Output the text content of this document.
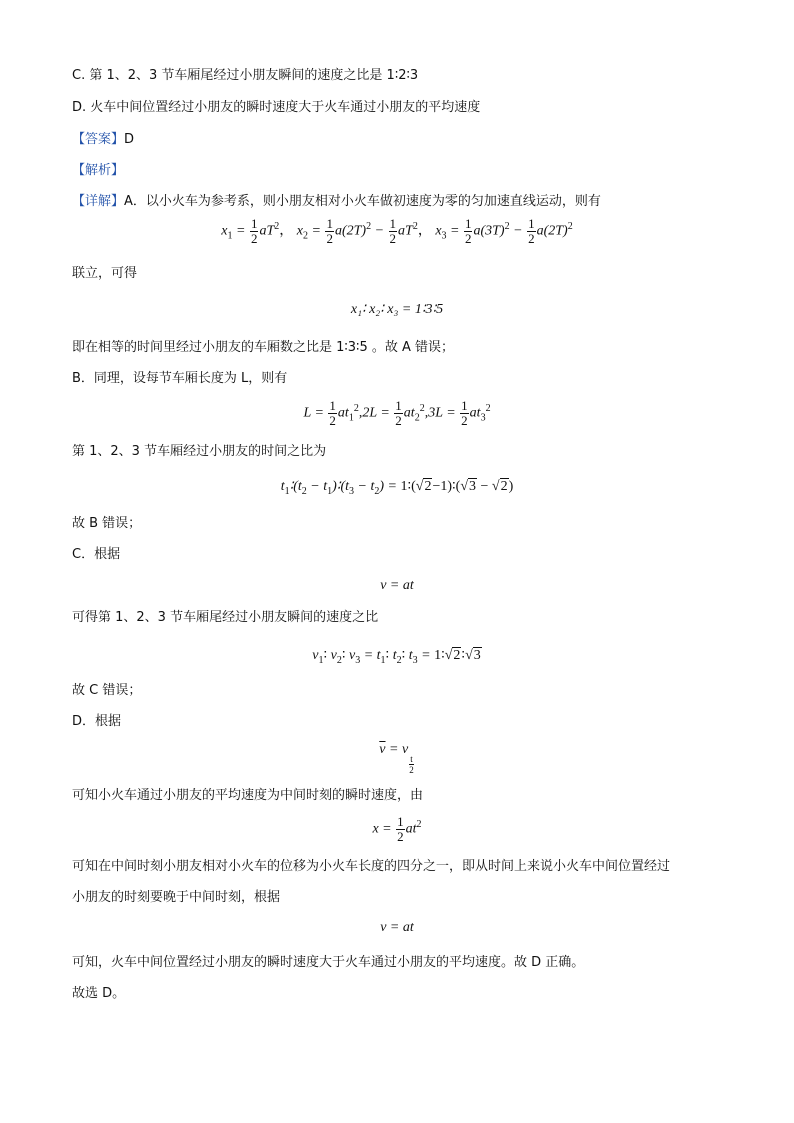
C. 第 1、2、3 节车厢尾经过小朋友瞬间的速度之比是 1∶2∶3
D. 火车中间位置经过小朋友的瞬时速度大于火车通过小朋友的平均速度
【答案】D
【解析】
【详解】A．以小火车为参考系，则小朋友相对小火车做初速度为零的匀加速直线运动，则有
$x_1 = \frac{1}{2} aT^2$， $x_2 = \frac{1}{2} a(2T)^2 - \frac{1}{2} aT^2$， $x_3 = \frac{1}{2} a(3T)^2 - \frac{1}{2} a(2T)^2$
联立，可得
x₁∶ x₂∶ x₃ = 1∶3∶5
即在相等的时间里经过小朋友的车厢数之比是 1∶3∶5 。故 A 错误；
B．同理，设每节车厢长度为 L，则有
$L = \frac{1}{2} at_1^2,2L = \frac{1}{2} at_2^2,3L = \frac{1}{2} at_3^2$
第 1、2、3 节车厢经过小朋友的时间之比为
$t_1∶(t_2$ − $t_1)∶(t_3 - t_2)$ = 1∶(√2−1)∶(√3 − √2)
故 B 错误；
C．根据
v = at
可得第 1、2、3 节车厢尾经过小朋友瞬间的速度之比
$v_1∶$ $v_2∶$ $v_3$ = $t_1∶$ $t_2∶$ $t_3$ = 1∶√2∶√3
故 C 错误；
D．根据
$\overline{v} = v$
$_{\frac{t}{2}}$
可知小火车通过小朋友的平均速度为中间时刻的瞬时速度，由
$x = \frac{1}{2} at^2$
可知在中间时刻小朋友相对小火车的位移为小火车长度的四分之一，即从时间上来说小火车中间位置经过
小朋友的时刻要晚于中间时刻，根据
v = at
可知，火车中间位置经过小朋友的瞬时速度大于火车通过小朋友的平均速度。故 D 正确。
故选 D。
